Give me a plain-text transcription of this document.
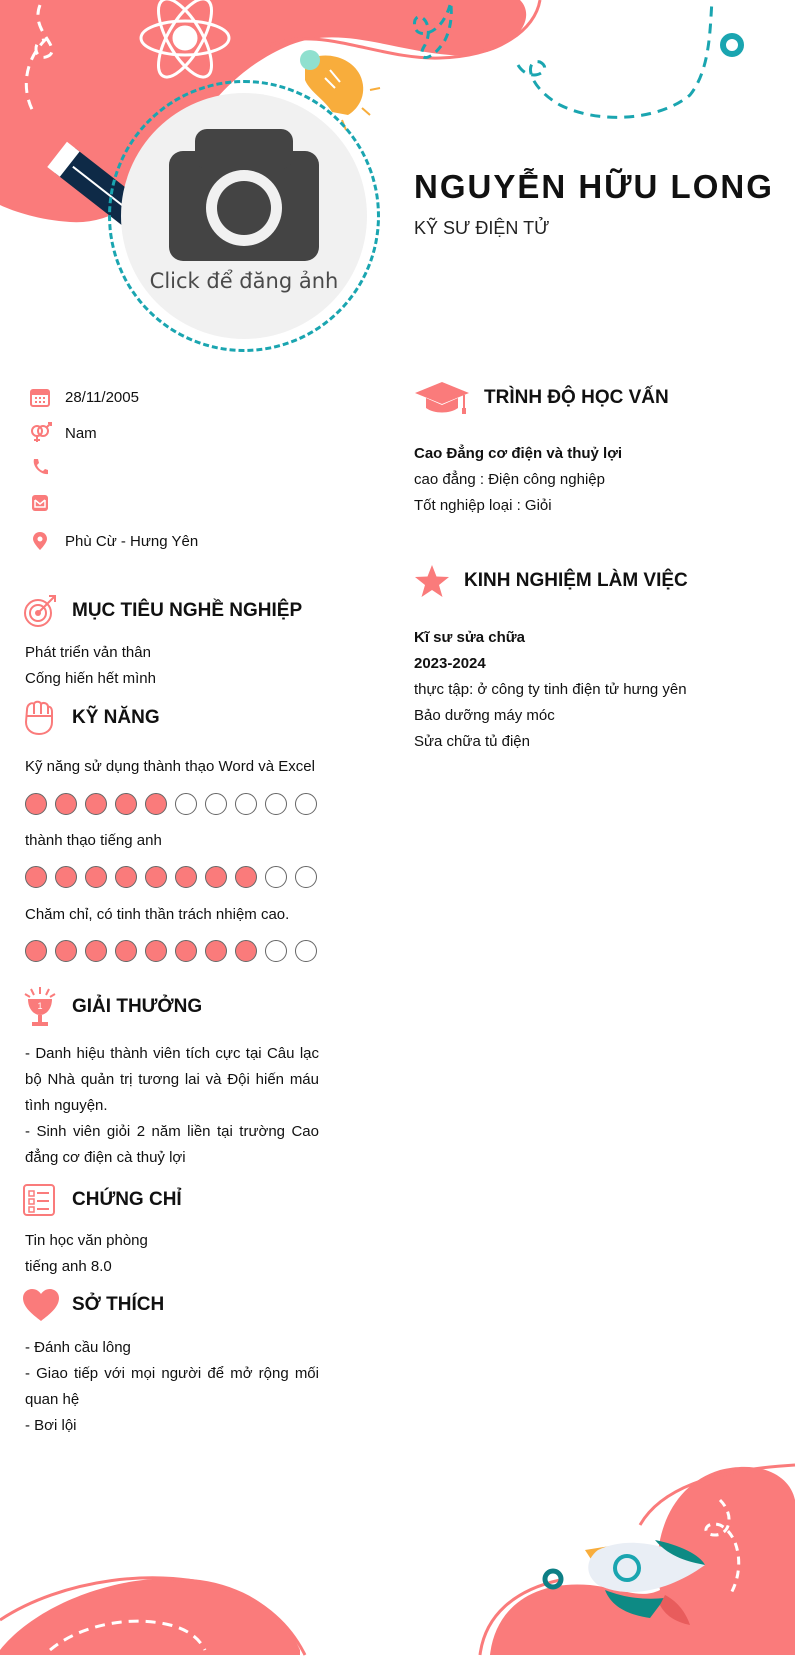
Click để đăng ảnh
NGUYỄN HỮU LONG
KỸ SƯ ĐIỆN TỬ
28/11/2005
Nam
Phù Cừ - Hưng Yên
MỤC TIÊU NGHỀ NGHIỆP
Phát triển vản thân
Cống hiến hết mình
KỸ NĂNG
Kỹ năng sử dụng thành thạo Word và Excel
thành thạo tiếng anh
Chăm chỉ, có tinh thần trách nhiệm cao.
1 GIẢI THƯỞNG
- Danh hiệu thành viên tích cực tại Câu lạc bộ Nhà quản trị tương lai và Đội hiến máu tình nguyện.
- Sinh viên giỏi 2 năm liền tại trường Cao đẳng cơ điện cà thuỷ lợi
CHỨNG CHỈ
Tin học văn phòng
tiếng anh 8.0
SỞ THÍCH
- Đánh cầu lông
- Giao tiếp với mọi người để mở rộng mối quan hệ
- Bơi lội
TRÌNH ĐỘ HỌC VẤN
Cao Đẳng cơ điện và thuỷ lợi
cao đẳng : Điện công nghiệp
Tốt nghiệp loại : Giỏi
KINH NGHIỆM LÀM VIỆC
Kĩ sư sửa chữa
2023-2024
thực tập: ở công ty tinh điện tử hưng yên
Bảo dưỡng máy móc
Sửa chữa tủ điện
